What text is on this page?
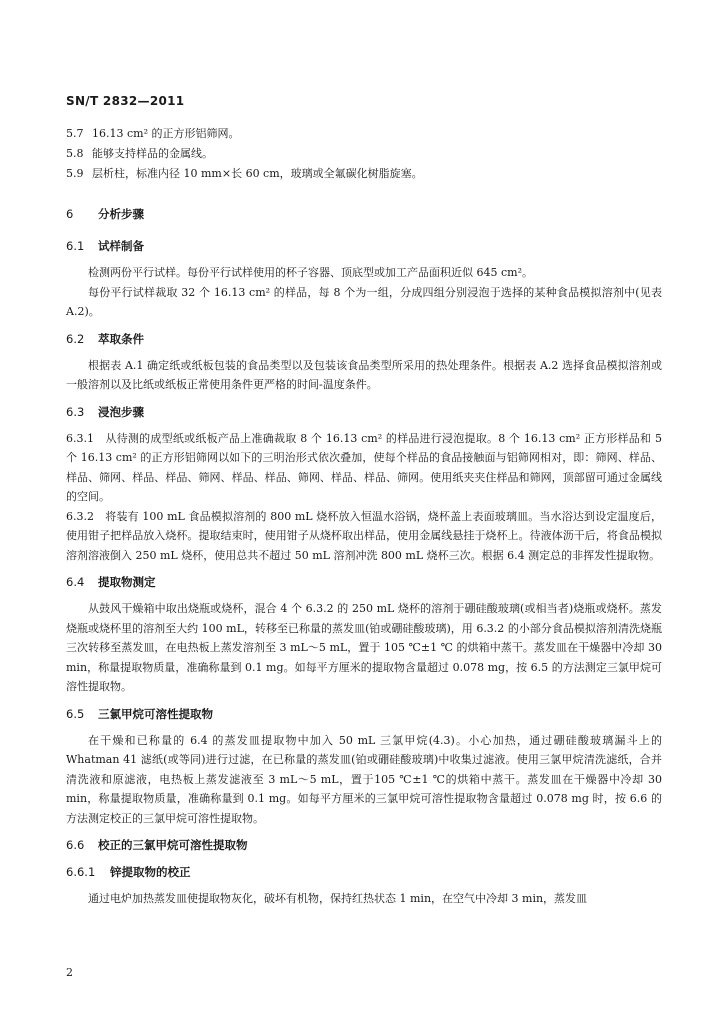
SN/T 2832—2011
5.7 16.13 cm² 的正方形铝筛网。
5.8 能够支持样品的金属线。
5.9 层析柱，标准内径 10 mm×长 60 cm，玻璃或全氟碳化树脂旋塞。
6 分析步骤
6.1 试样制备

检测两份平行试样。每份平行试样使用的杯子容器、顶底型或加工产品面积近似 645 cm²。

每份平行试样裁取 32 个 16.13 cm² 的样品，每 8 个为一组，分成四组分别浸泡于选择的某种食品模拟溶剂中(见表 A.2)。

6.2 萃取条件

根据表 A.1 确定纸或纸板包装的食品类型以及包装该食品类型所采用的热处理条件。根据表 A.2 选择食品模拟溶剂或一般溶剂以及比纸或纸板正常使用条件更严格的时间-温度条件。

6.3 浸泡步骤

6.3.1　从待测的成型纸或纸板产品上准确裁取 8 个 16.13 cm² 的样品进行浸泡提取。8 个 16.13 cm² 正方形样品和 5 个 16.13 cm² 的正方形铝筛网以如下的三明治形式依次叠加，使每个样品的食品接触面与铝筛网相对，即：筛网、样品、样品、筛网、样品、样品、筛网、样品、样品、筛网、样品、样品、筛网。使用纸夹夹住样品和筛网，顶部留可通过金属线的空间。

6.3.2　将装有 100 mL 食品模拟溶剂的 800 mL 烧杯放入恒温水浴锅，烧杯盖上表面玻璃皿。当水浴达到设定温度后，使用钳子把样品放入烧杯。提取结束时，使用钳子从烧杯取出样品，使用金属线悬挂于烧杯上。待液体沥干后，将食品模拟溶剂溶液倒入 250 mL 烧杯，使用总共不超过 50 mL 溶剂冲洗 800 mL 烧杯三次。根据 6.4 测定总的非挥发性提取物。

6.4 提取物测定

从鼓风干燥箱中取出烧瓶或烧杯，混合 4 个 6.3.2 的 250 mL 烧杯的溶剂于硼硅酸玻璃(或相当者)烧瓶或烧杯。蒸发烧瓶或烧杯里的溶剂至大约 100 mL，转移至已称量的蒸发皿(铂或硼硅酸玻璃)，用 6.3.2 的小部分食品模拟溶剂清洗烧瓶三次转移至蒸发皿，在电热板上蒸发溶剂至 3 mL～5 mL，置于 105 ℃±1 ℃ 的烘箱中蒸干。蒸发皿在干燥器中冷却 30 min，称量提取物质量，准确称量到 0.1 mg。如每平方厘米的提取物含量超过 0.078 mg，按 6.5 的方法测定三氯甲烷可溶性提取物。

6.5 三氯甲烷可溶性提取物

在干燥和已称量的 6.4 的蒸发皿提取物中加入 50 mL 三氯甲烷(4.3)。小心加热，通过硼硅酸玻璃漏斗上的 Whatman 41 滤纸(或等同)进行过滤，在已称量的蒸发皿(铂或硼硅酸玻璃)中收集过滤液。使用三氯甲烷清洗滤纸，合并清洗液和原滤液，电热板上蒸发滤液至 3 mL～5 mL，置于105 ℃±1 ℃的烘箱中蒸干。蒸发皿在干燥器中冷却 30 min，称量提取物质量，准确称量到 0.1 mg。如每平方厘米的三氯甲烷可溶性提取物含量超过 0.078 mg 时，按 6.6 的方法测定校正的三氯甲烷可溶性提取物。

6.6 校正的三氯甲烷可溶性提取物
6.6.1 锌提取物的校正

通过电炉加热蒸发皿使提取物灰化，破坏有机物，保持红热状态 1 min，在空气中冷却 3 min，蒸发皿

2
